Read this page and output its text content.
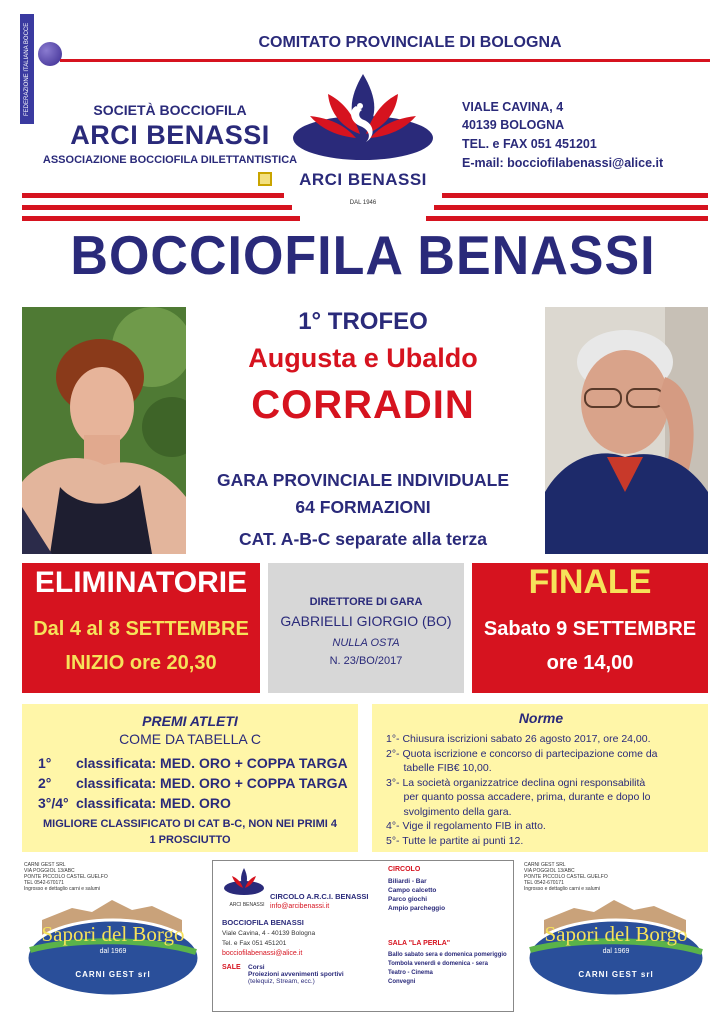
FEDERAZIONE ITALIANA BOCCE	COMITATO PROVINCIALE DI BOLOGNA
SOCIETÀ BOCCIOFILA
ARCI BENASSI
ASSOCIAZIONE BOCCIOFILA DILETTANTISTICA
ARCI BENASSI
DAL 1946
VIALE CAVINA, 4
40139 BOLOGNA
TEL. e FAX 051 451201
E-mail: bocciofilabenassi@alice.it
BOCCIOFILA BENASSI
1° TROFEO
Augusta e Ubaldo
CORRADIN
GARA PROVINCIALE INDIVIDUALE
64 FORMAZIONI
CAT. A-B-C separate alla terza
ELIMINATORIE
Dal 4 al 8 SETTEMBRE
INIZIO ore 20,30
DIRETTORE DI GARA
GABRIELLI GIORGIO (BO)
NULLA OSTA
N. 23/BO/2017
FINALE
Sabato 9 SETTEMBRE
ore 14,00
PREMI ATLETI
COME DA TABELLA C
1° classificata: MED. ORO + COPPA TARGA
2° classificata: MED. ORO + COPPA TARGA
3°/4° classificata: MED. ORO
MIGLIORE CLASSIFICATO DI CAT B-C, NON NEI PRIMI 4
1 PROSCIUTTO
Norme
1°- Chiusura iscrizioni sabato 26 agosto 2017, ore 24,00.
2°- Quota iscrizione e concorso di partecipazione come da
tabelle FIB€ 10,00.
3°- La società organizzatrice declina ogni responsabilità
per quanto possa accadere, prima, durante e dopo lo
svolgimento della gara.
4°- Vige il regolamento FIB in atto.
5°- Tutte le partite ai punti 12.
CARNI GEST SRL
VIA POGGIOL 13/ABC
PONTE PICCOLO CASTEL GUELFO
TEL 0542-670171
Ingrosso e dettaglio carni e salumi
Sapori del Borgo
dal 1969
CARNI GEST srl
ARCI BENASSI
CIRCOLO A.R.C.I. BENASSI
info@arcibenassi.it
BOCCIOFILA BENASSI
Viale Cavina, 4 - 40139 Bologna
Tel. e Fax 051 451201
bocciofilabenassi@alice.it
SALE Corsi
Proiezioni avvenimenti sportivi
(telequiz, Stream, ecc.)
CIRCOLO
Biliardi - Bar
Campo calcetto
Parco giochi
Ampio parcheggio
SALA "LA PERLA"
Ballo sabato sera e domenica pomeriggio
Tombola venerdì e domenica - sera
Teatro - Cinema
Convegni
CARNI GEST SRL
VIA POGGIOL 13/ABC
PONTE PICCOLO CASTEL GUELFO
TEL 0542-670171
Ingrosso e dettaglio carni e salumi
Sapori del Borgo
dal 1969
CARNI GEST srl
